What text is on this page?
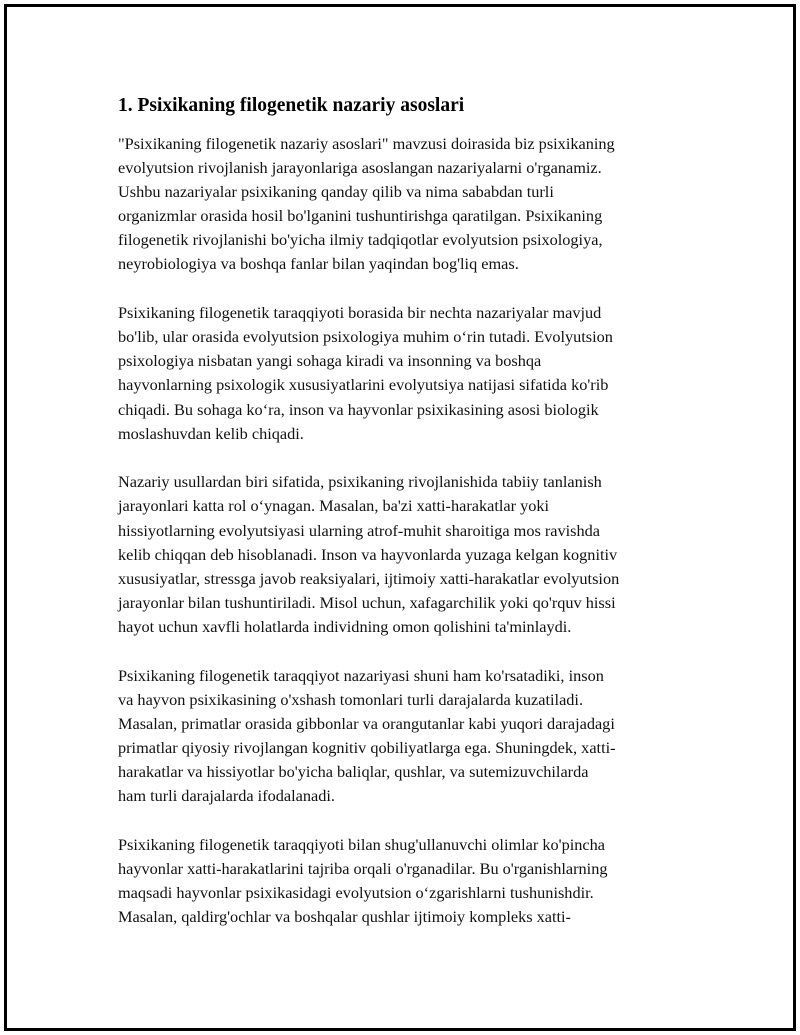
1. Psixikaning filogenetik nazariy asoslari

"Psixikaning filogenetik nazariy asoslari" mavzusi doirasida biz psixikaning
evolyutsion rivojlanish jarayonlariga asoslangan nazariyalarni o'rganamiz.
Ushbu nazariyalar psixikaning qanday qilib va nima sababdan turli
organizmlar orasida hosil bo'lganini tushuntirishga qaratilgan. Psixikaning
filogenetik rivojlanishi bo'yicha ilmiy tadqiqotlar evolyutsion psixologiya,
neyrobiologiya va boshqa fanlar bilan yaqindan bog'liq emas.

Psixikaning filogenetik taraqqiyoti borasida bir nechta nazariyalar mavjud
bo'lib, ular orasida evolyutsion psixologiya muhim o‘rin tutadi. Evolyutsion
psixologiya nisbatan yangi sohaga kiradi va insonning va boshqa
hayvonlarning psixologik xususiyatlarini evolyutsiya natijasi sifatida ko'rib
chiqadi. Bu sohaga ko‘ra, inson va hayvonlar psixikasining asosi biologik
moslashuvdan kelib chiqadi.

Nazariy usullardan biri sifatida, psixikaning rivojlanishida tabiiy tanlanish
jarayonlari katta rol o‘ynagan. Masalan, ba'zi xatti-harakatlar yoki
hissiyotlarning evolyutsiyasi ularning atrof-muhit sharoitiga mos ravishda
kelib chiqqan deb hisoblanadi. Inson va hayvonlarda yuzaga kelgan kognitiv
xususiyatlar, stressga javob reaksiyalari, ijtimoiy xatti-harakatlar evolyutsion
jarayonlar bilan tushuntiriladi. Misol uchun, xafagarchilik yoki qo'rquv hissi
hayot uchun xavfli holatlarda individning omon qolishini ta'minlaydi.

Psixikaning filogenetik taraqqiyot nazariyasi shuni ham ko'rsatadiki, inson
va hayvon psixikasining o'xshash tomonlari turli darajalarda kuzatiladi.
Masalan, primatlar orasida gibbonlar va orangutanlar kabi yuqori darajadagi
primatlar qiyosiy rivojlangan kognitiv qobiliyatlarga ega. Shuningdek, xatti-
harakatlar va hissiyotlar bo'yicha baliqlar, qushlar, va sutemizuvchilarda
ham turli darajalarda ifodalanadi.

Psixikaning filogenetik taraqqiyoti bilan shug'ullanuvchi olimlar ko'pincha
hayvonlar xatti-harakatlarini tajriba orqali o'rganadilar. Bu o'rganishlarning
maqsadi hayvonlar psixikasidagi evolyutsion o‘zgarishlarni tushunishdir.
Masalan, qaldirg'ochlar va boshqalar qushlar ijtimoiy kompleks xatti-
